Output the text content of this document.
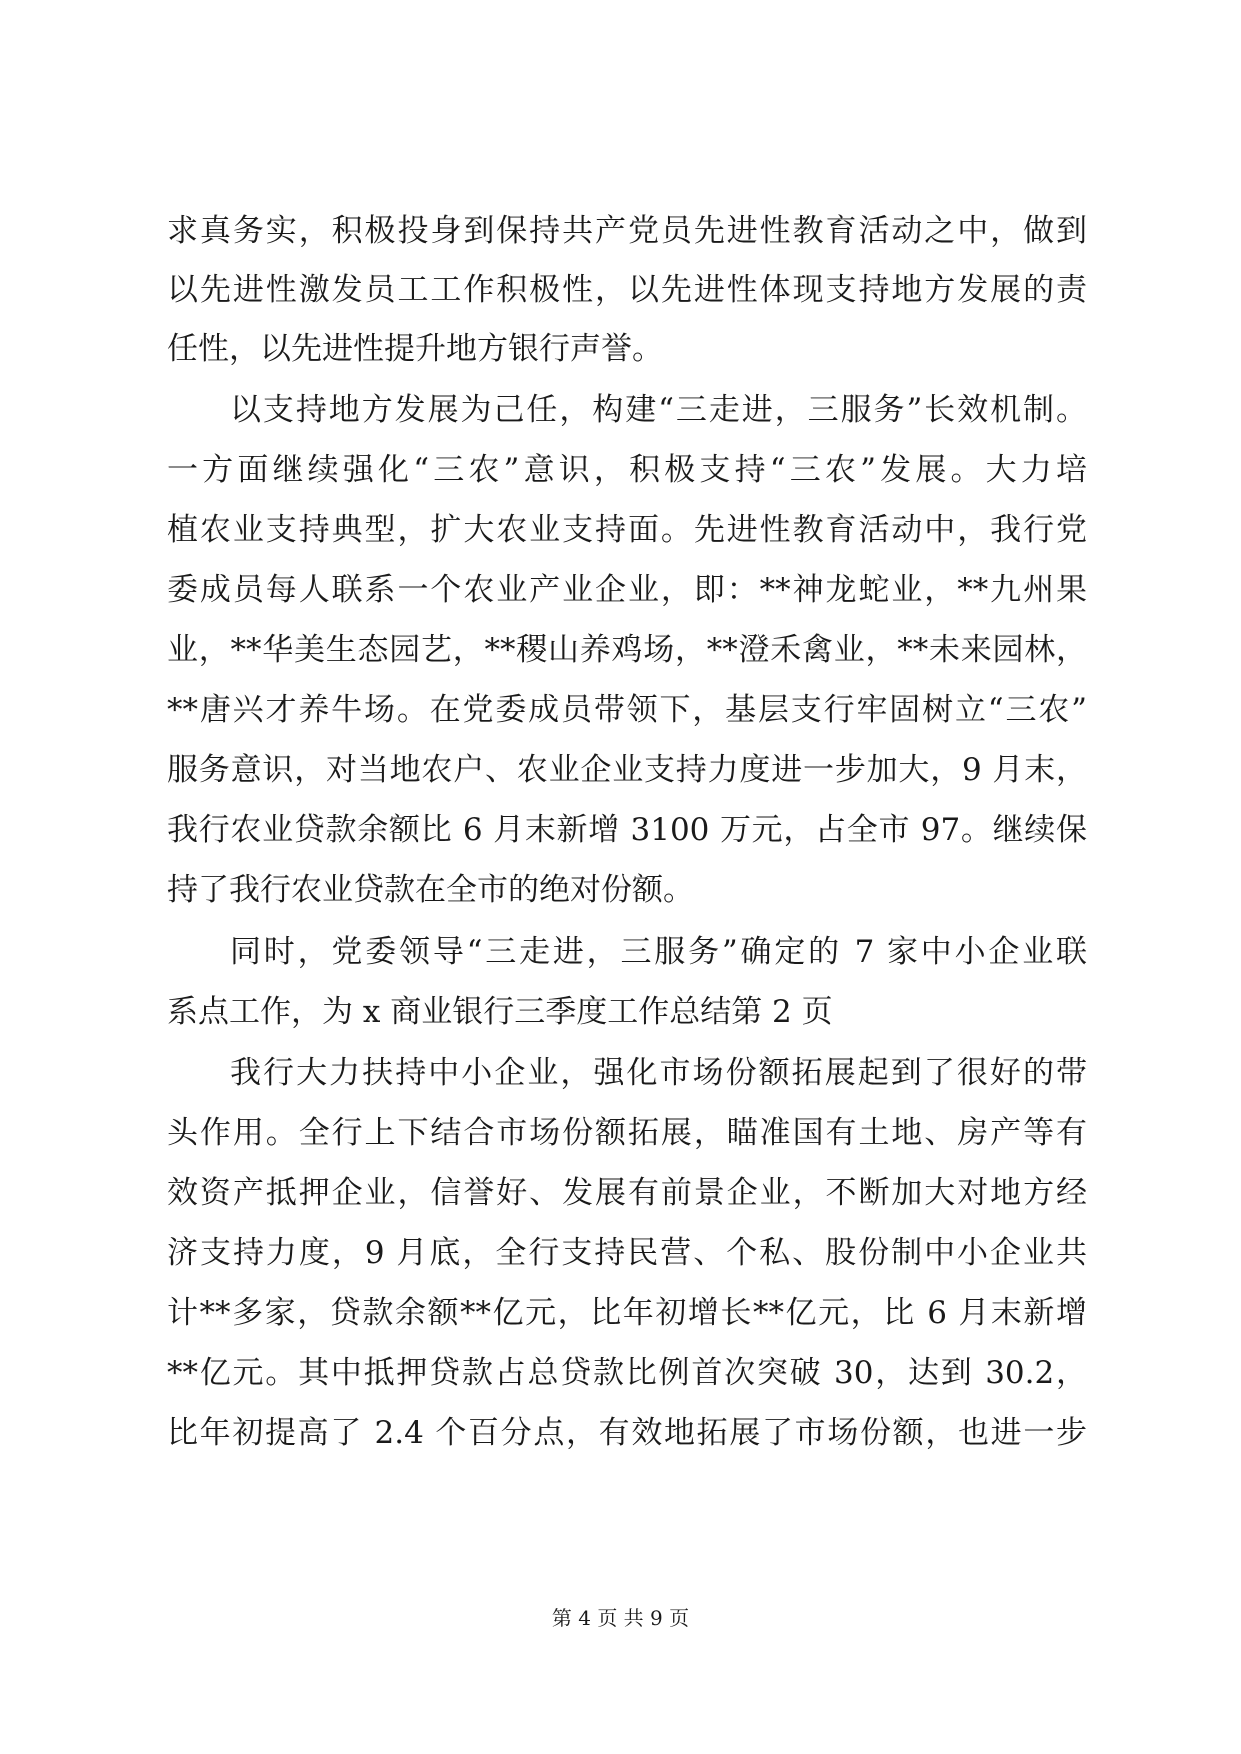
求真务实，积极投身到保持共产党员先进性教育活动之中，做到
以先进性激发员工工作积极性，以先进性体现支持地方发展的责
任性，以先进性提升地方银行声誉。
以支持地方发展为己任，构建“三走进，三服务”长效机制。
一方面继续强化“三农”意识，积极支持“三农”发展。大力培
植农业支持典型，扩大农业支持面。先进性教育活动中，我行党
委成员每人联系一个农业产业企业，即：**神龙蛇业，**九州果
业，**华美生态园艺，**稷山养鸡场，**澄禾禽业，**未来园林，
**唐兴才养牛场。在党委成员带领下，基层支行牢固树立“三农”
服务意识，对当地农户、农业企业支持力度进一步加大，9 月末，
我行农业贷款余额比 6 月末新增 3100 万元，占全市 97。继续保
持了我行农业贷款在全市的绝对份额。
同时，党委领导“三走进，三服务”确定的 7 家中小企业联
系点工作，为 x 商业银行三季度工作总结第 2 页
我行大力扶持中小企业，强化市场份额拓展起到了很好的带
头作用。全行上下结合市场份额拓展，瞄准国有土地、房产等有
效资产抵押企业，信誉好、发展有前景企业，不断加大对地方经
济支持力度，9 月底，全行支持民营、个私、股份制中小企业共
计**多家，贷款余额**亿元，比年初增长**亿元，比 6 月末新增
**亿元。其中抵押贷款占总贷款比例首次突破 30，达到 30.2，
比年初提高了 2.4 个百分点，有效地拓展了市场份额，也进一步
第 4 页 共 9 页
